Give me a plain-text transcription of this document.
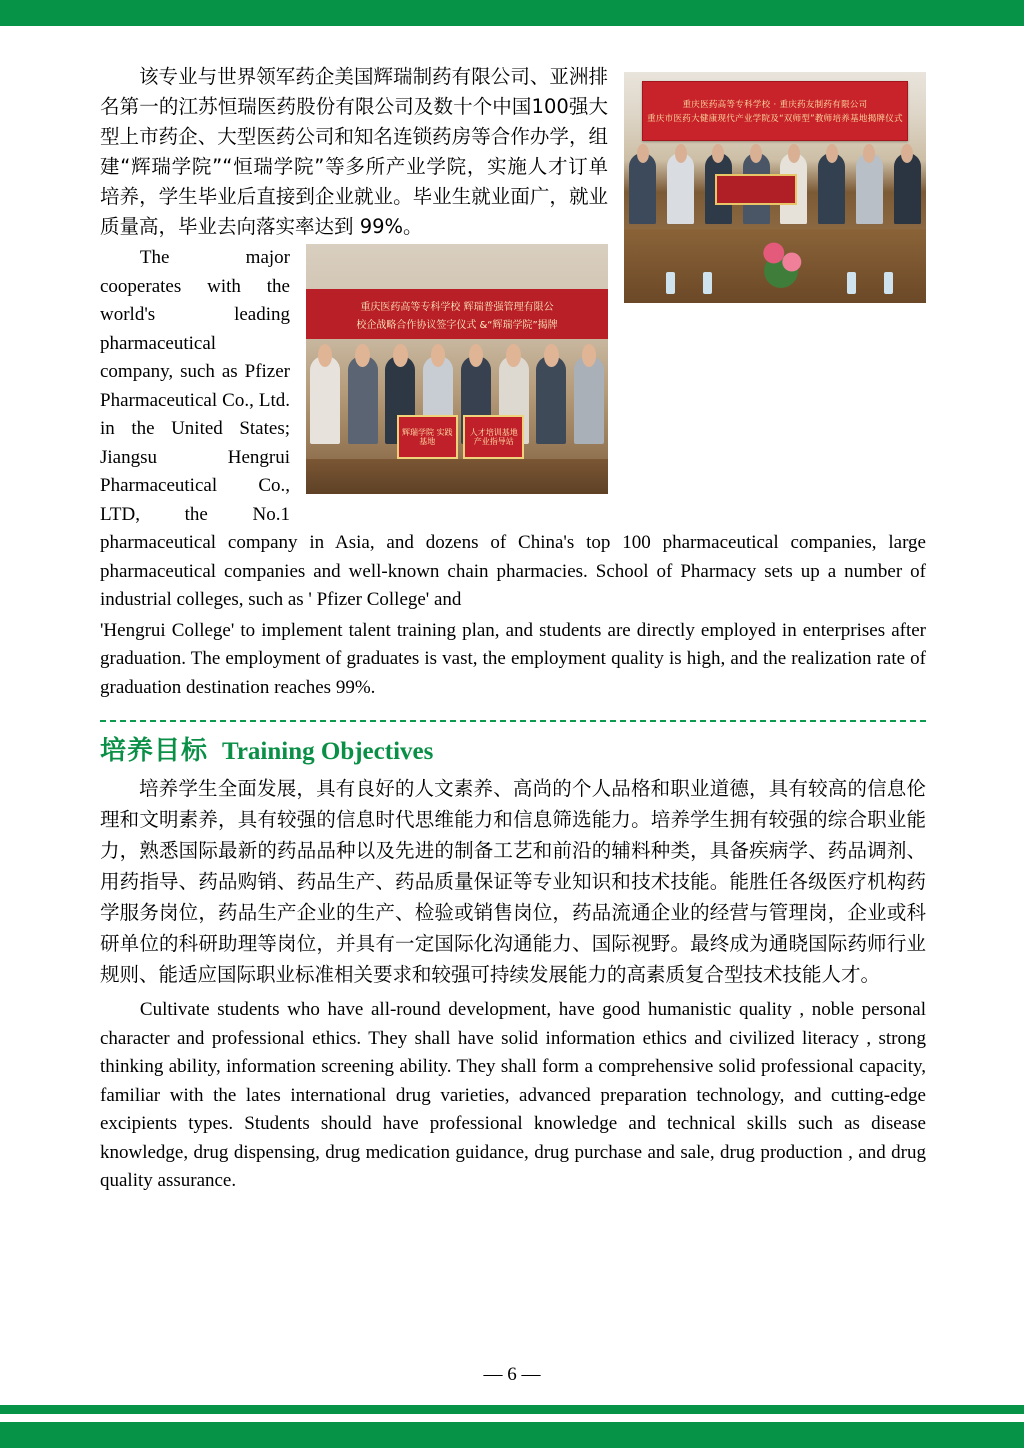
重庆医药高等专科学校 · 重庆药友制药有限公司
重庆市医药大健康现代产业学院及“双师型”教师培养基地揭牌仪式

该专业与世界领军药企美国辉瑞制药有限公司、亚洲排名第一的江苏恒瑞医药股份有限公司及数十个中国100强大型上市药企、大型医药公司和知名连锁药房等合作办学，组建“辉瑞学院”“恒瑞学院”等多所产业学院，实施人才订单培养，学生毕业后直接到企业就业。毕业生就业面广，就业质量高，毕业去向落实率达到 99%。

重庆医药高等专科学校 辉瑞普强管理有限公
校企战略合作协议签字仪式 &“辉瑞学院”揭牌
辉瑞学院 实践基地
人才培训基地 产业指导站

The major cooperates with the world's leading pharmaceutical company, such as Pfizer Pharmaceutical Co., Ltd. in the United States; Jiangsu Hengrui Pharmaceutical Co., LTD, the No.1 pharmaceutical company in Asia, and dozens of China's top 100 pharmaceutical companies, large pharmaceutical companies and well-known chain pharmacies. School of Pharmacy sets up a number of industrial colleges, such as ' Pfizer College' and

'Hengrui College' to implement talent training plan, and students are directly employed in enterprises after graduation. The employment of graduates is vast, the employment quality is high, and the realization rate of graduation destination reaches 99%.

培养目标 Training Objectives

培养学生全面发展，具有良好的人文素养、高尚的个人品格和职业道德，具有较高的信息伦理和文明素养，具有较强的信息时代思维能力和信息筛选能力。培养学生拥有较强的综合职业能力，熟悉国际最新的药品品种以及先进的制备工艺和前沿的辅料种类，具备疾病学、药品调剂、用药指导、药品购销、药品生产、药品质量保证等专业知识和技术技能。能胜任各级医疗机构药学服务岗位，药品生产企业的生产、检验或销售岗位，药品流通企业的经营与管理岗，企业或科研单位的科研助理等岗位，并具有一定国际化沟通能力、国际视野。最终成为通晓国际药师行业规则、能适应国际职业标准相关要求和较强可持续发展能力的高素质复合型技术技能人才。

Cultivate students who have all-round development, have good humanistic quality , noble personal character and professional ethics. They shall have solid information ethics and civilized literacy , strong thinking ability, information screening ability. They shall form a comprehensive solid professional capacity, familiar with the lates international drug varieties, advanced preparation technology, and cutting-edge excipients types. Students should have professional knowledge and technical skills such as disease knowledge, drug dispensing, drug medication guidance, drug purchase and sale, drug production , and drug quality assurance.

— 6 —
